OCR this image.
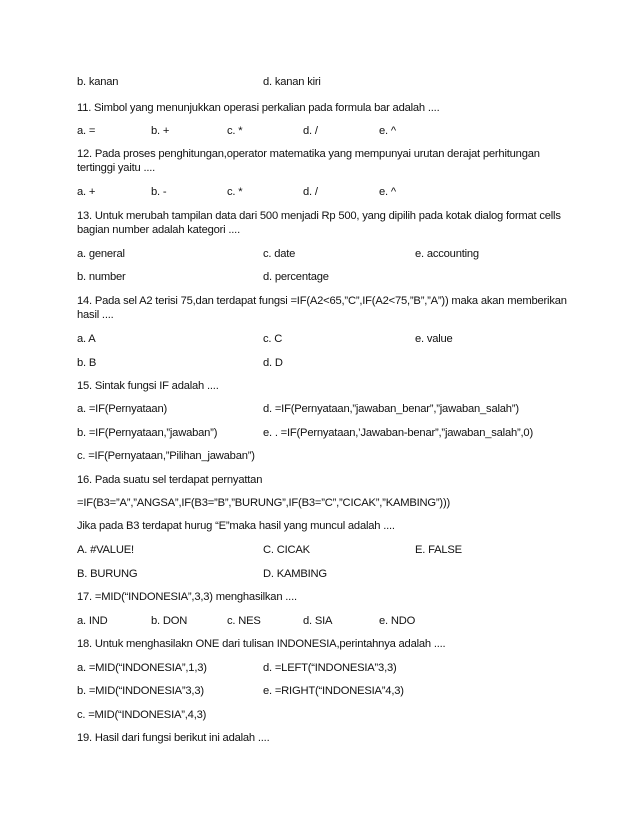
b. kanan	d. kanan kiri
11. Simbol yang menunjukkan operasi perkalian pada formula bar adalah ....
a. =	b. +	c. *	d. /	e. ^
12. Pada proses penghitungan,operator matematika yang mempunyai urutan derajat perhitungan tertinggi yaitu ....
a. +	b. -	c. *	d. /	e. ^
13. Untuk merubah tampilan data dari 500 menjadi Rp 500, yang dipilih pada kotak dialog format cells bagian number adalah kategori ....
a. general	c. date	e. accounting
b. number	d. percentage
14. Pada sel A2 terisi 75,dan terdapat fungsi =IF(A2<65,”C”,IF(A2<75,”B”,”A”)) maka akan memberikan hasil ....
a. A	c. C	e. value
b. B	d. D
15. Sintak fungsi IF adalah ....
a. =IF(Pernyataan)	d. =IF(Pernyataan,”jawaban_benar”,”jawaban_salah”)
b. =IF(Pernyataan,”jawaban”)	e. . =IF(Pernyataan,’Jawaban-benar”,”jawaban_salah”,0)
c. =IF(Pernyataan,”Pilihan_jawaban”)
16. Pada suatu sel terdapat pernyattan
=IF(B3=”A”,”ANGSA”,IF(B3=”B”,”BURUNG”,IF(B3=”C”,”CICAK”,”KAMBING”)))
Jika pada B3 terdapat hurug “E”maka hasil yang muncul adalah ....
A. #VALUE!	C. CICAK	E. FALSE
B. BURUNG	D. KAMBING
17. =MID(“INDONESIA”,3,3) menghasilkan ....
a. IND	b. DON	c. NES	d. SIA	e. NDO
18. Untuk menghasilakn ONE dari tulisan INDONESIA,perintahnya adalah ....
a. =MID(“INDONESIA”,1,3)	d. =LEFT(“INDONESIA”3,3)
b. =MID(“INDONESIA”3,3)	e. =RIGHT(“INDONESIA”4,3)
c. =MID(“INDONESIA”,4,3)
19. Hasil dari fungsi berikut ini adalah ....
